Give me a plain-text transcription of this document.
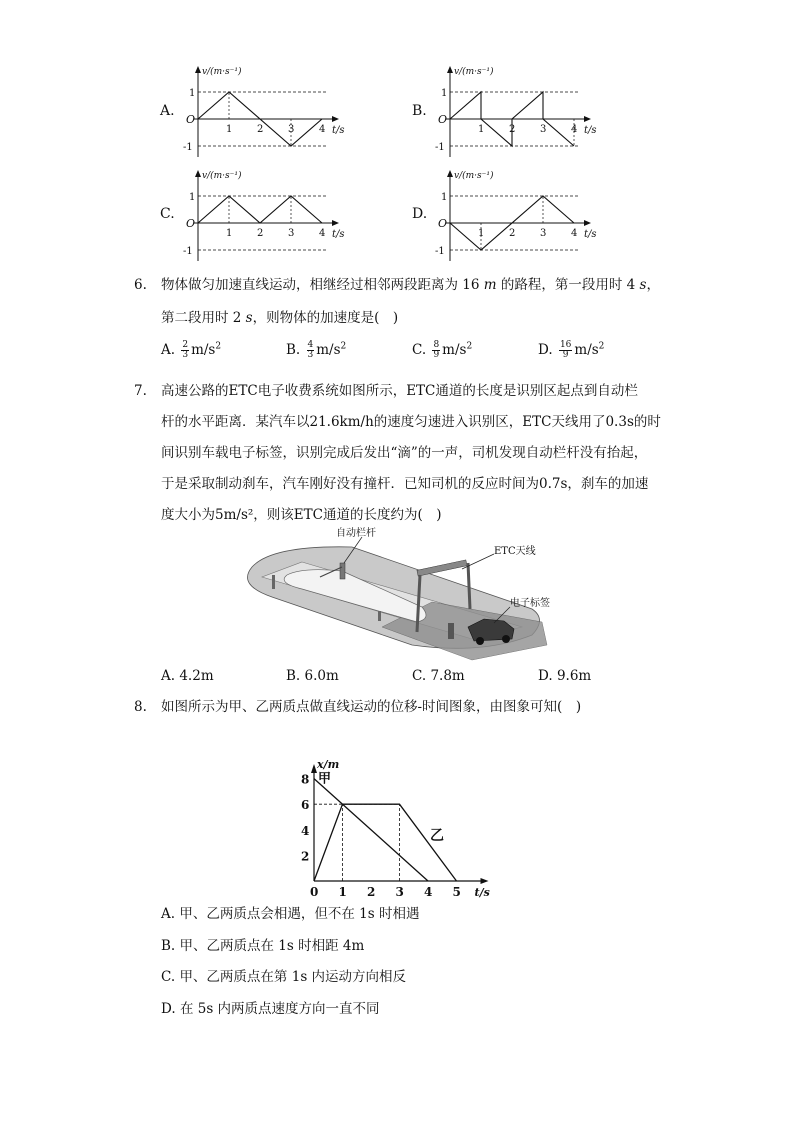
A.
v/(m·s⁻¹)
t/s
O
1
-1
1 2 3 4
B.
v/(m·s⁻¹)
t/s
O
1
-1
1 2 3 4
C.
v/(m·s⁻¹)
t/s
O
1
-1
1 2 3 4
D.
v/(m·s⁻¹)
t/s
O
1
-1
1 2 3 4
6. 物体做匀加速直线运动，相继经过相邻两段距离为 16 m 的路程，第一段用时 4 s，
第二段用时 2 s，则物体的加速度是(　)
A. $\frac{2}{3} m/s^2$	B. $\frac{4}{3} m/s^2$	C. $\frac{8}{9} m/s^2$	D. $\frac{16}{9} m/s^2$
7. 高速公路的ETC电子收费系统如图所示，ETC通道的长度是识别区起点到自动栏
杆的水平距离．某汽车以21.6km/h的速度匀速进入识别区，ETC天线用了0.3s的时
间识别车载电子标签，识别完成后发出“滴”的一声，司机发现自动栏杆没有抬起，
于是采取制动刹车，汽车刚好没有撞杆．已知司机的反应时间为0.7s，刹车的加速
度大小为5m/s²，则该ETC通道的长度约为(　)
自动栏杆
ETC天线
电子标签
A. 4.2m	B. 6.0m	C. 7.8m	D. 9.6m
8. 如图所示为甲、乙两质点做直线运动的位移-时间图象，由图象可知(　)
x/m
t/s
0 1 2 3 4 5
2
4
6
8 甲
乙
A. 甲、乙两质点会相遇，但不在 1s 时相遇
B. 甲、乙两质点在 1s 时相距 4m
C. 甲、乙两质点在第 1s 内运动方向相反
D. 在 5s 内两质点速度方向一直不同
